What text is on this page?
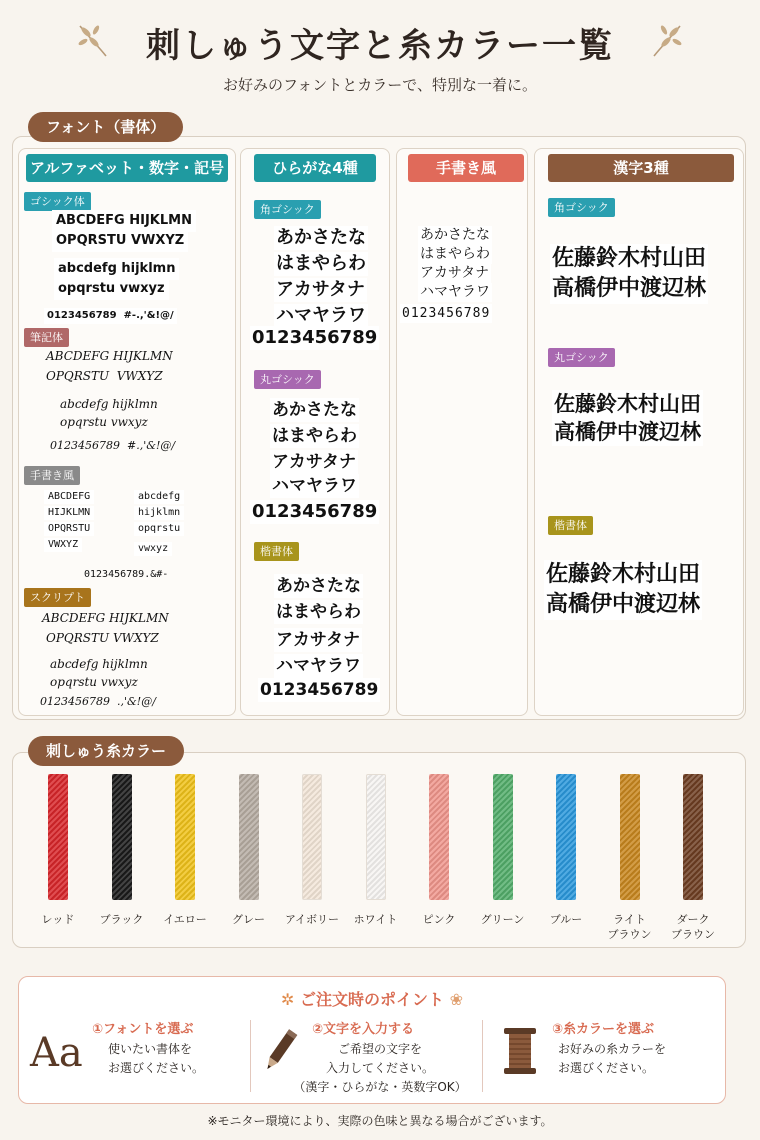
刺しゅう文字と糸カラー一覧
お好みのフォントとカラーで、特別な一着に。
フォント（書体）
アルファベット・数字・記号
ゴシック体
ABCDEFG HIJKLMN
OPQRSTU VWXYZ
abcdefg hijklmn
opqrstu vwxyz
0123456789  #-.,'&!@/
筆記体
ABCDEFG HIJKLMN
OPQRSTU  VWXYZ
abcdefg hijklmn
opqrstu vwxyz
0123456789  #.,'&!@/
手書き風
ABCDEFG
HIJKLMN
OPQRSTU
VWXYZ
abcdefg
hijklmn
opqrstu
vwxyz
0123456789.&#-
スクリプト
ABCDEFG HIJKLMN
OPQRSTU VWXYZ
abcdefg hijklmn
opqrstu vwxyz
0123456789  .,'&!@/
ひらがな4種
角ゴシック
あかさたな
はまやらわ
アカサタナ
ハマヤラワ
0123456789
丸ゴシック
あかさたな
はまやらわ
アカサタナ
ハマヤラワ
0123456789
楷書体
あかさたな
はまやらわ
アカサタナ
ハマヤラワ
0123456789
手書き風
あかさたな
はまやらわ
アカサタナ
ハマヤラワ
0123456789
漢字3種
角ゴシック
佐藤鈴木村山田
高橋伊中渡辺林
丸ゴシック
佐藤鈴木村山田
高橋伊中渡辺林
楷書体
佐藤鈴木村山田
高橋伊中渡辺林
刺しゅう糸カラー
レッド	ブラック	イエロー	グレー	アイボリー	ホワイト	ピンク	グリーン	ブルー	ライト
ブラウン
ダーク
ブラウン
✲ ご注文時のポイント ❀
Aa
①フォントを選ぶ
使いたい書体を
お選びください。
②文字を入力する
ご希望の文字を
入力してください。
（漢字・ひらがな・英数字OK）
③糸カラーを選ぶ
お好みの糸カラーを
お選びください。
※モニター環境により、実際の色味と異なる場合がございます。
